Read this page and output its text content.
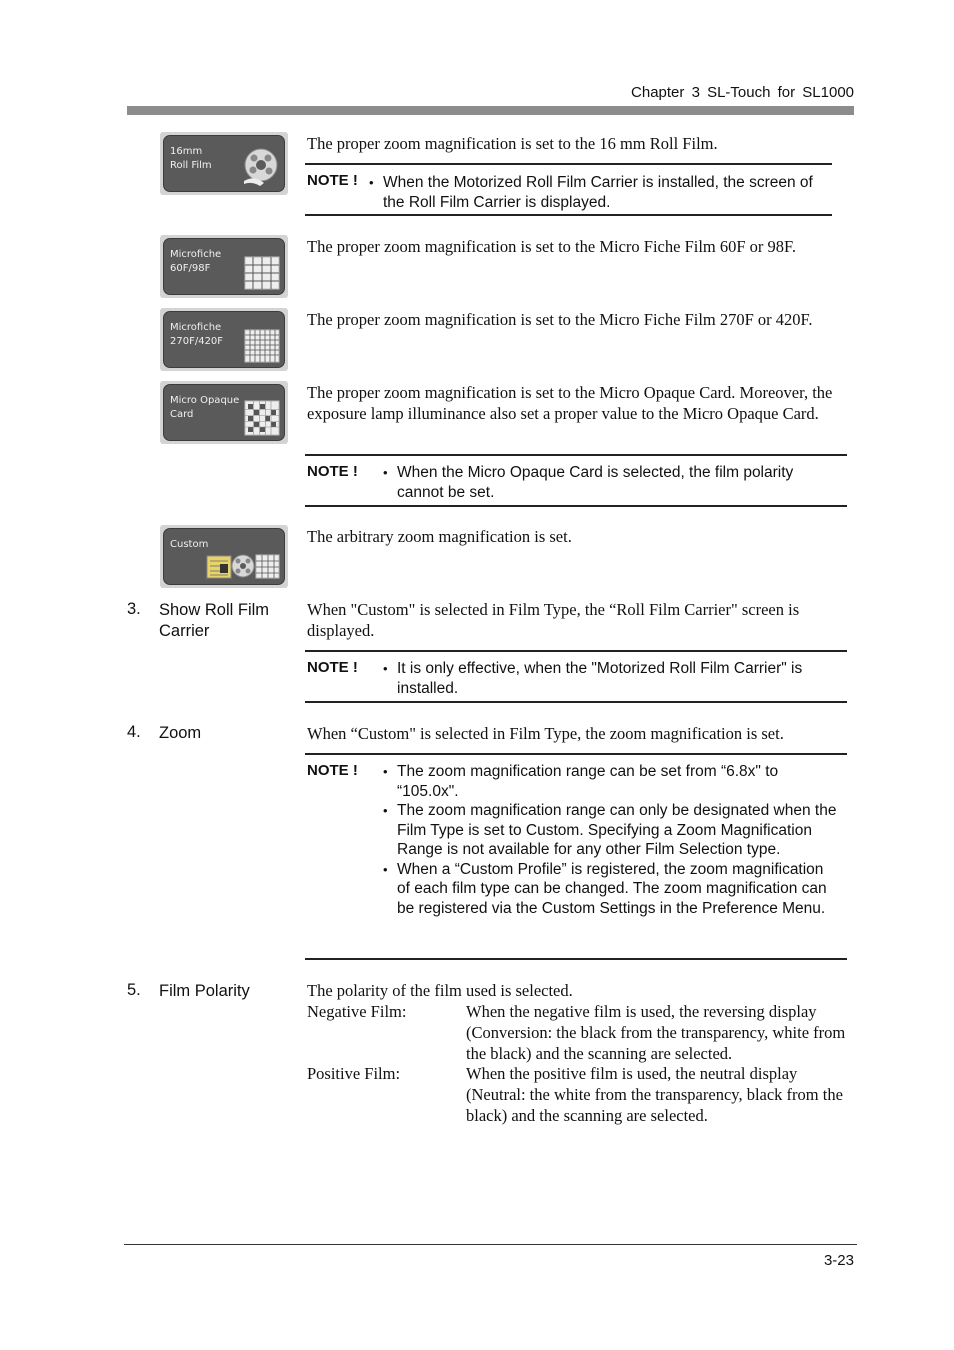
Chapter 3 SL-Touch for SL1000
16mm
Roll Film
The proper zoom magnification is set to the 16 mm Roll Film.
NOTE !	• When the Motorized Roll Film Carrier is installed, the screen of the Roll Film Carrier is displayed.
Microfiche
60F/98F
The proper zoom magnification is set to the Micro Fiche Film 60F or 98F.
Microfiche
270F/420F
The proper zoom magnification is set to the Micro Fiche Film 270F or 420F.
Micro Opaque
Card
The proper zoom magnification is set to the Micro Opaque Card. Moreover, the exposure lamp illuminance also set a proper value to the Micro Opaque Card.
NOTE !	• When the Micro Opaque Card is selected, the film polarity cannot be set.
Custom	The arbitrary zoom magnification is set.
3. Show Roll Film Carrier
When "Custom" is selected in Film Type, the “Roll Film Carrier" screen is displayed.
NOTE !	• It is only effective, when the "Motorized Roll Film Carrier" is installed.
4. Zoom	When “Custom" is selected in Film Type, the zoom magnification is set.
NOTE !	• The zoom magnification range can be set from “6.8x" to “105.0x".
• The zoom magnification range can only be designated when the Film Type is set to Custom. Specifying a Zoom Magnification Range is not available for any other Film Selection type.
• When a “Custom Profile” is registered, the zoom magnification of each film type can be changed. The zoom magnification can be registered via the Custom Settings in the Preference Menu.
5. Film Polarity	The polarity of the film used is selected.
Negative Film:	When the negative film is used, the reversing display (Conversion: the black from the transparency, white from the black) and the scanning are selected.
Positive Film:	When the positive film is used, the neutral display (Neutral: the white from the transparency, black from the black) and the scanning are selected.
3-23
